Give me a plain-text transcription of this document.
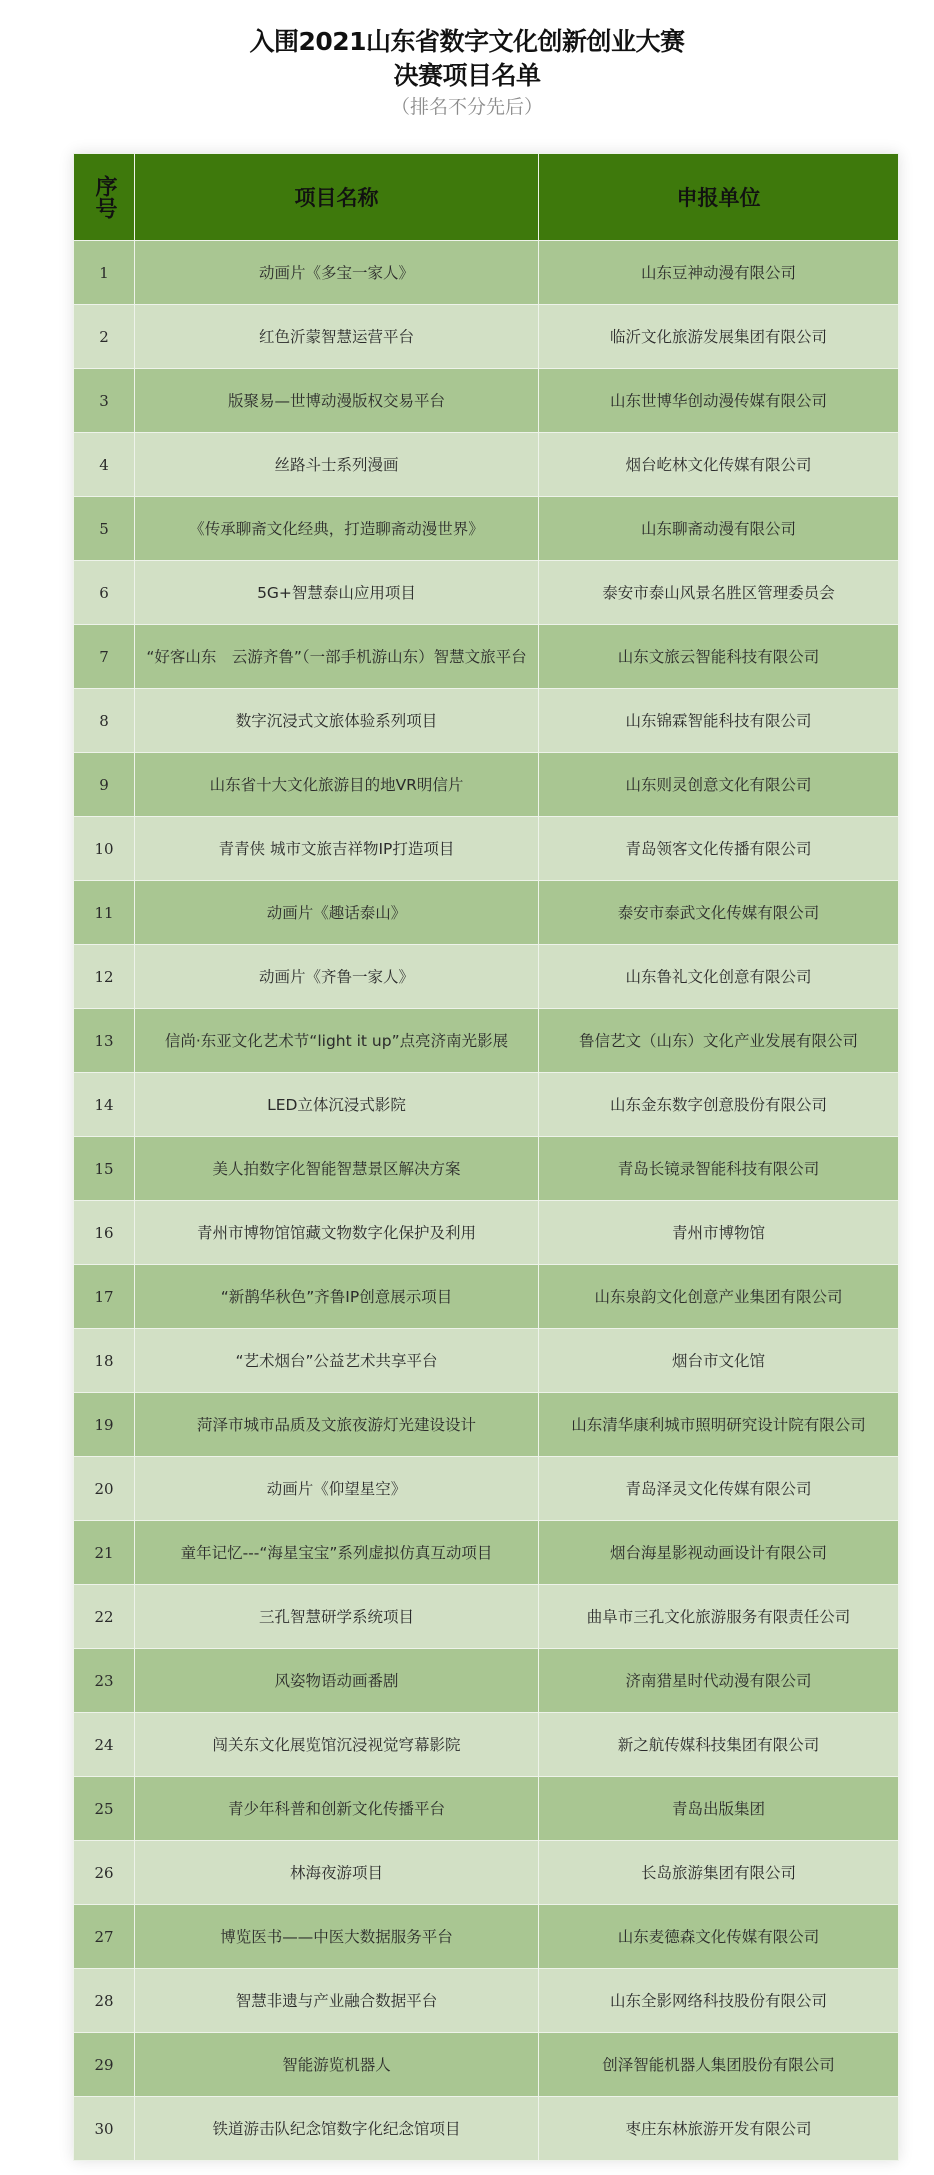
入围2021山东省数字文化创新创业大赛
决赛项目名单
（排名不分先后）
序号	项目名称	申报单位
1	动画片《多宝一家人》	山东豆神动漫有限公司
2	红色沂蒙智慧运营平台	临沂文化旅游发展集团有限公司
3	版聚易—世博动漫版权交易平台	山东世博华创动漫传媒有限公司
4	丝路斗士系列漫画	烟台屹林文化传媒有限公司
5	《传承聊斋文化经典，打造聊斋动漫世界》	山东聊斋动漫有限公司
6	5G+智慧泰山应用项目	泰安市泰山风景名胜区管理委员会
7	“好客山东　云游齐鲁”（一部手机游山东）智慧文旅平台	山东文旅云智能科技有限公司
8	数字沉浸式文旅体验系列项目	山东锦霖智能科技有限公司
9	山东省十大文化旅游目的地VR明信片	山东则灵创意文化有限公司
10	青青侠 城市文旅吉祥物IP打造项目	青岛领客文化传播有限公司
11	动画片《趣话泰山》	泰安市泰武文化传媒有限公司
12	动画片《齐鲁一家人》	山东鲁礼文化创意有限公司
13	信尚·东亚文化艺术节“light it up”点亮济南光影展	鲁信艺文（山东）文化产业发展有限公司
14	LED立体沉浸式影院	山东金东数字创意股份有限公司
15	美人拍数字化智能智慧景区解决方案	青岛长镜录智能科技有限公司
16	青州市博物馆馆藏文物数字化保护及利用	青州市博物馆
17	“新鹊华秋色”齐鲁IP创意展示项目	山东泉韵文化创意产业集团有限公司
18	“艺术烟台”公益艺术共享平台	烟台市文化馆
19	菏泽市城市品质及文旅夜游灯光建设设计	山东清华康利城市照明研究设计院有限公司
20	动画片《仰望星空》	青岛泽灵文化传媒有限公司
21	童年记忆---“海星宝宝”系列虚拟仿真互动项目	烟台海星影视动画设计有限公司
22	三孔智慧研学系统项目	曲阜市三孔文化旅游服务有限责任公司
23	风姿物语动画番剧	济南猎星时代动漫有限公司
24	闯关东文化展览馆沉浸视觉穹幕影院	新之航传媒科技集团有限公司
25	青少年科普和创新文化传播平台	青岛出版集团
26	林海夜游项目	长岛旅游集团有限公司
27	博览医书——中医大数据服务平台	山东麦德森文化传媒有限公司
28	智慧非遗与产业融合数据平台	山东全影网络科技股份有限公司
29	智能游览机器人	创泽智能机器人集团股份有限公司
30	铁道游击队纪念馆数字化纪念馆项目	枣庄东林旅游开发有限公司
